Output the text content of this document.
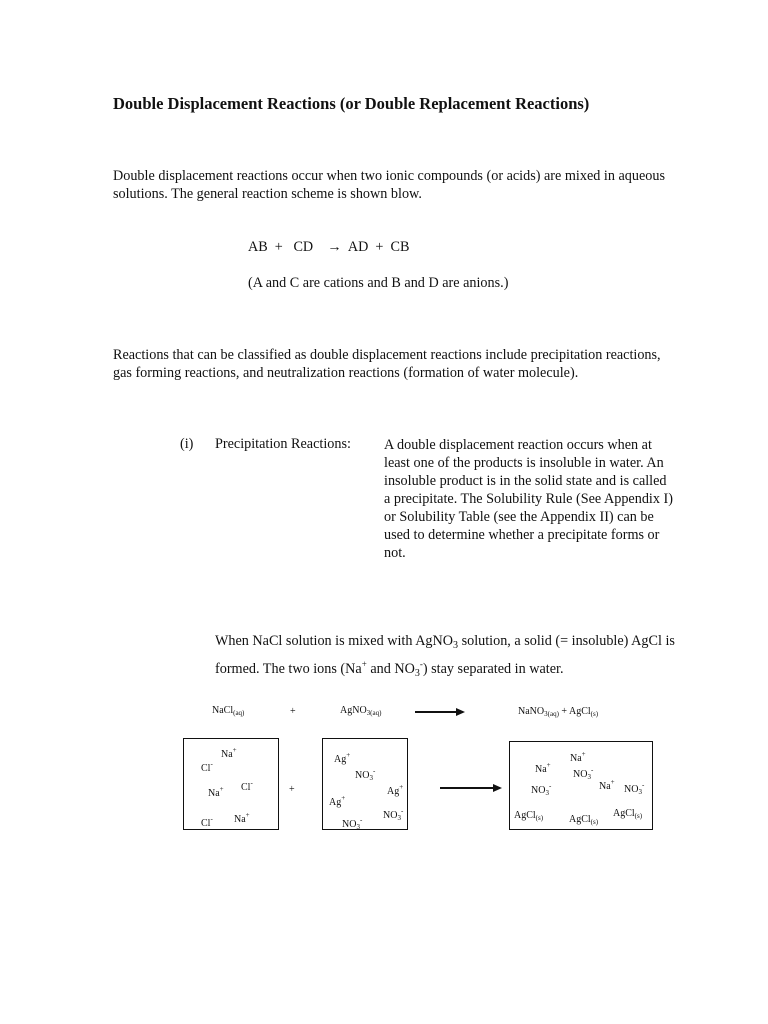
Double Displacement Reactions (or Double Replacement Reactions)
Double displacement reactions occur when two ionic compounds (or acids) are mixed in aqueous solutions. The general reaction scheme is shown blow.
AB  +   CD    →  AD  +  CB
(A and C are cations and B and D are anions.)
Reactions that can be classified as double displacement reactions include precipitation reactions, gas forming reactions, and neutralization reactions (formation of water molecule).
(i) Precipitation Reactions: A double displacement reaction occurs when at least one of the products is insoluble in water. An insoluble product is in the solid state and is called a precipitate. The Solubility Rule (See Appendix I) or Solubility Table (see the Appendix II) can be used to determine whether a precipitate forms or not.
When NaCl solution is mixed with AgNO$_3$ solution, a solid (= insoluble) AgCl is formed. The two ions (Na+ and $NO_3^-$) stay separated in water.
NaCl$_{(aq)}$	+	AgNO$_{3(aq)}$	NaNO$_{3(aq)}$ + AgCl$_{(s)}$
Na+
Cl-
Cl-
Na+
Na+
Cl-
+
Ag+
$NO_3^-$
Ag+
Ag+
$NO_3^-$
$NO_3^-$
Na+
Na+
$NO_3^-$
Na+
$NO_3^-$	$NO_3^-$
AgCl$_{(s)}$	AgCl$_{(s)}$
AgCl$_{(s)}$
